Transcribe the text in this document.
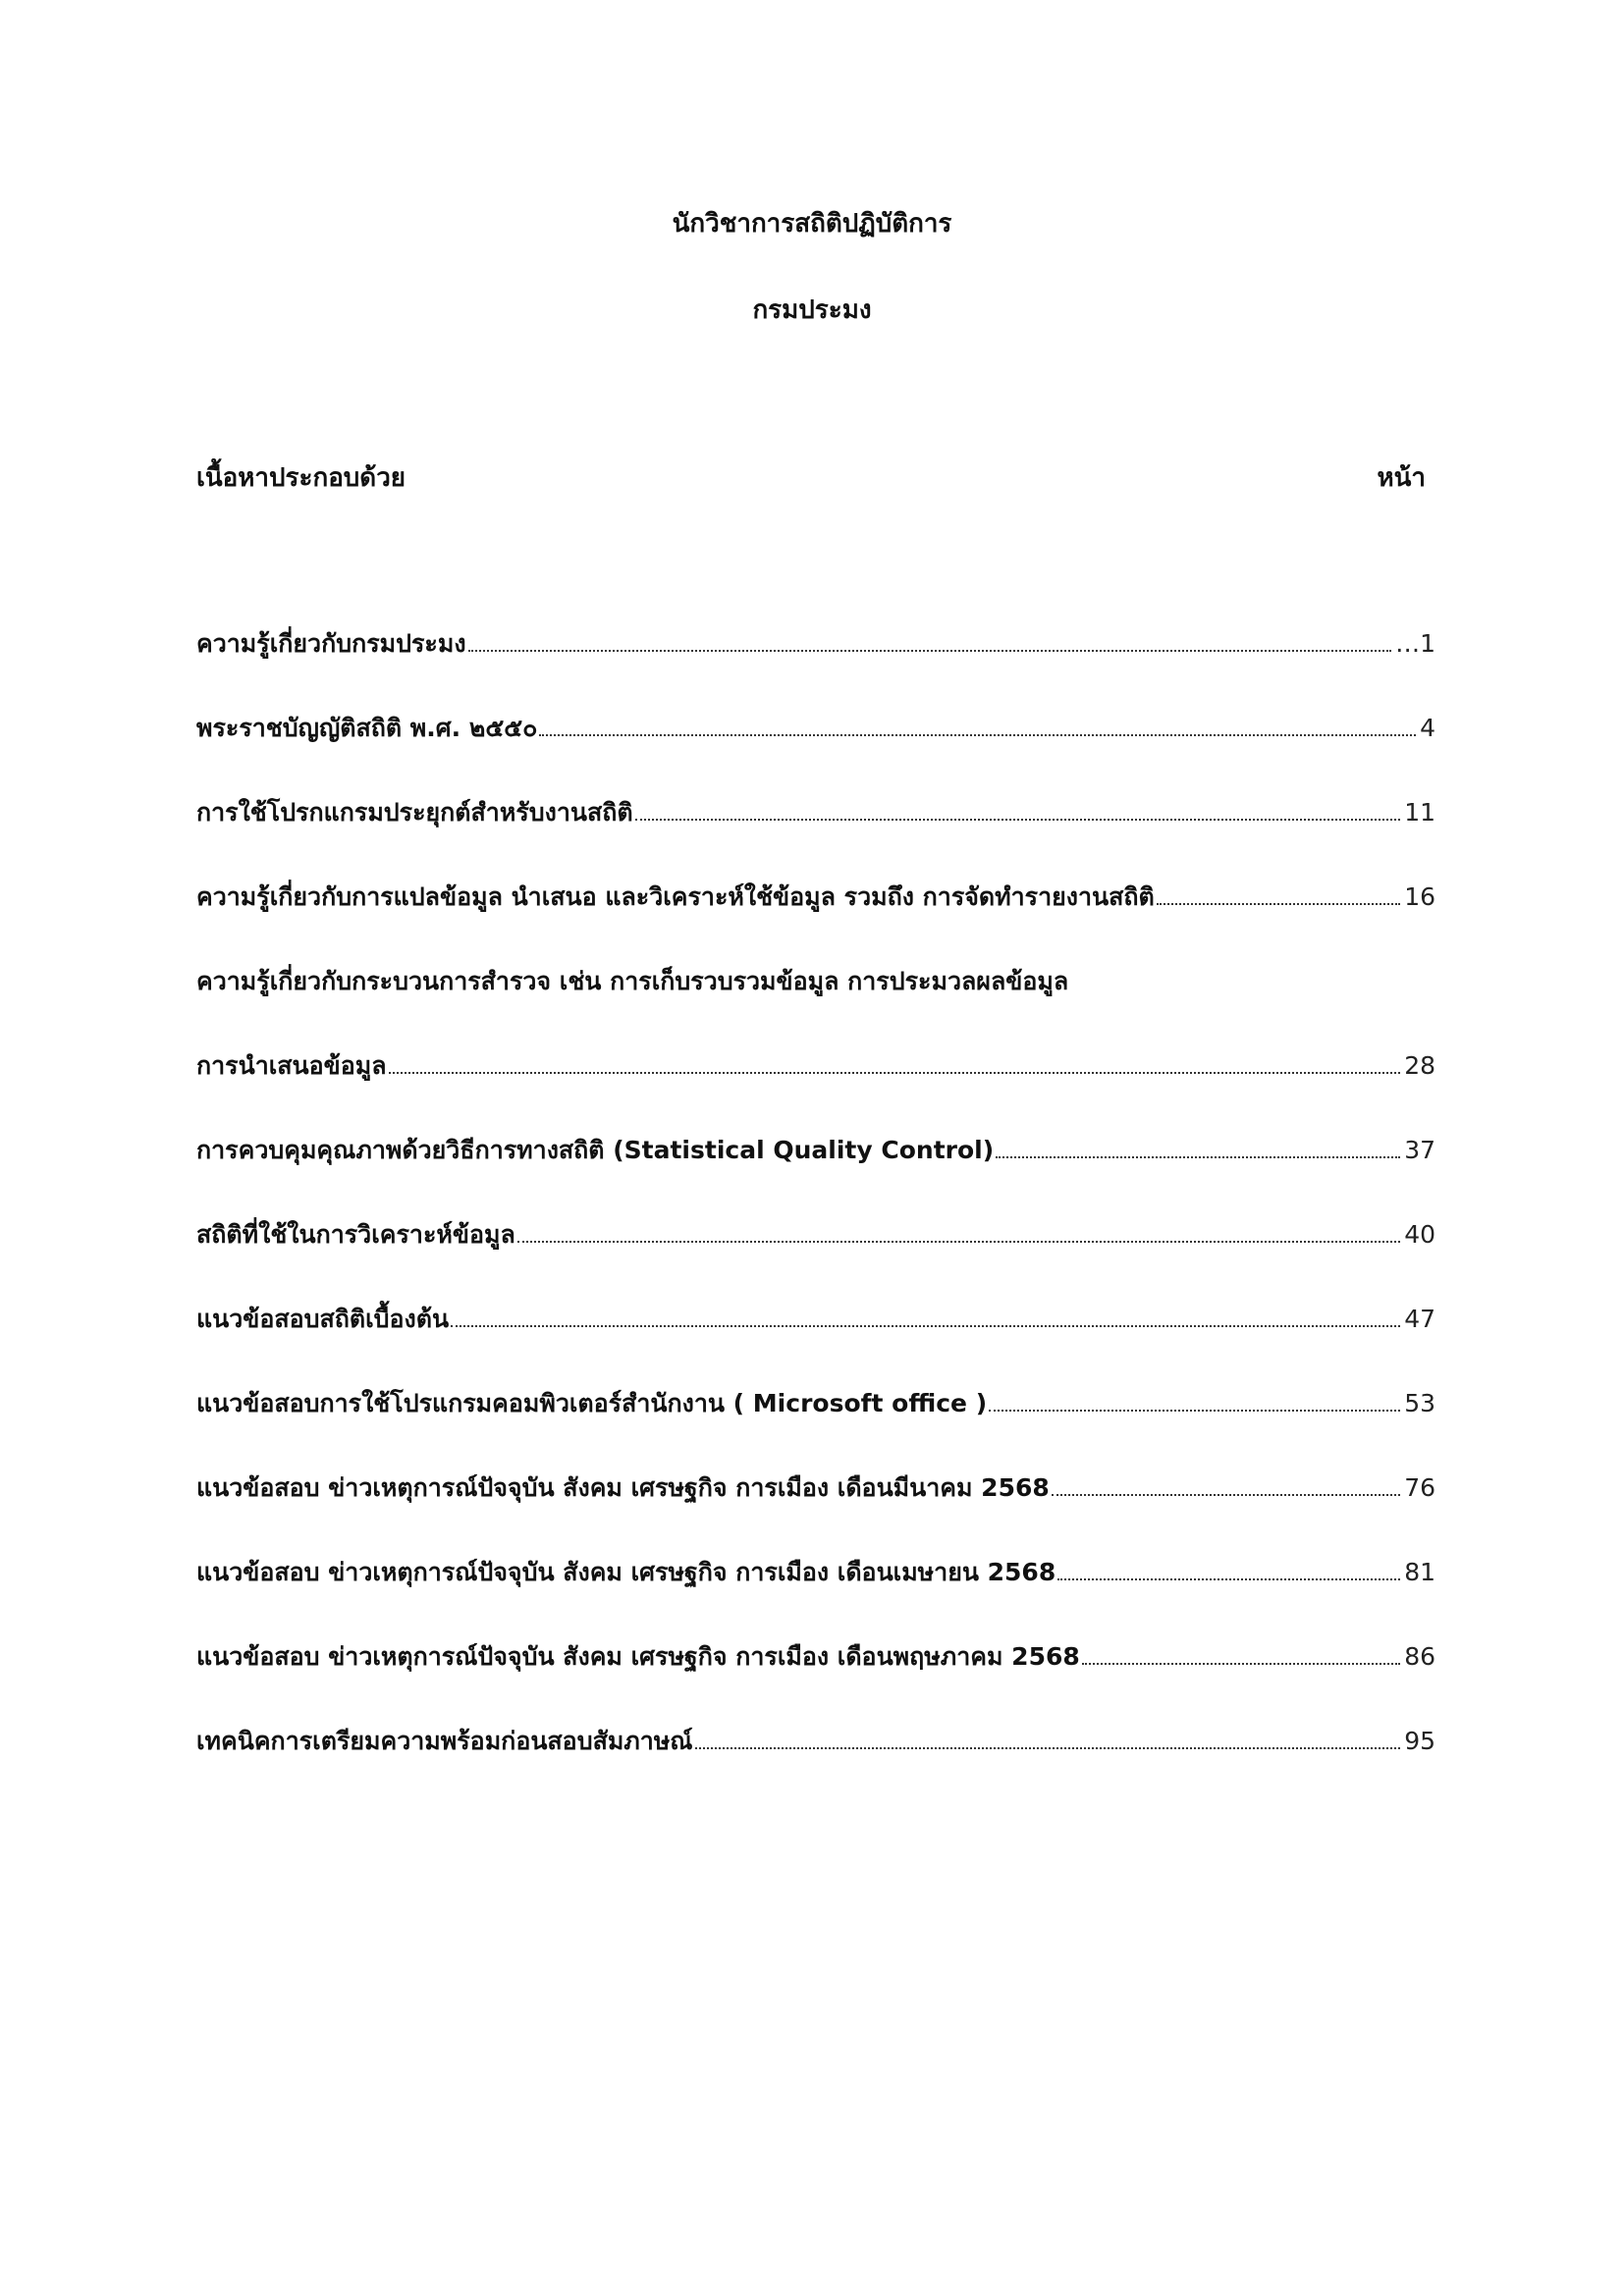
นักวิชาการสถิติปฏิบัติการ
กรมประมง
เนื้อหาประกอบด้วย	หน้า
ความรู้เกี่ยวกับกรมประมง	…1
พระราชบัญญัติสถิติ พ.ศ. ๒๕๕๐	4
การใช้โปรกแกรมประยุกต์สำหรับงานสถิติ	11
ความรู้เกี่ยวกับการแปลข้อมูล นำเสนอ และวิเคราะห์ใช้ข้อมูล รวมถึง การจัดทำรายงานสถิติ	16
ความรู้เกี่ยวกับกระบวนการสำรวจ เช่น การเก็บรวบรวมข้อมูล การประมวลผลข้อมูล
การนำเสนอข้อมูล	28
การควบคุมคุณภาพด้วยวิธีการทางสถิติ (Statistical Quality Control)	37
สถิติที่ใช้ในการวิเคราะห์ข้อมูล	40
แนวข้อสอบสถิติเบื้องต้น	47
แนวข้อสอบการใช้โปรแกรมคอมพิวเตอร์สำนักงาน ( Microsoft office )	53
แนวข้อสอบ ข่าวเหตุการณ์ปัจจุบัน สังคม เศรษฐกิจ การเมือง เดือนมีนาคม 2568	76
แนวข้อสอบ ข่าวเหตุการณ์ปัจจุบัน สังคม เศรษฐกิจ การเมือง เดือนเมษายน 2568	81
แนวข้อสอบ ข่าวเหตุการณ์ปัจจุบัน สังคม เศรษฐกิจ การเมือง เดือนพฤษภาคม 2568	86
เทคนิคการเตรียมความพร้อมก่อนสอบสัมภาษณ์	95
